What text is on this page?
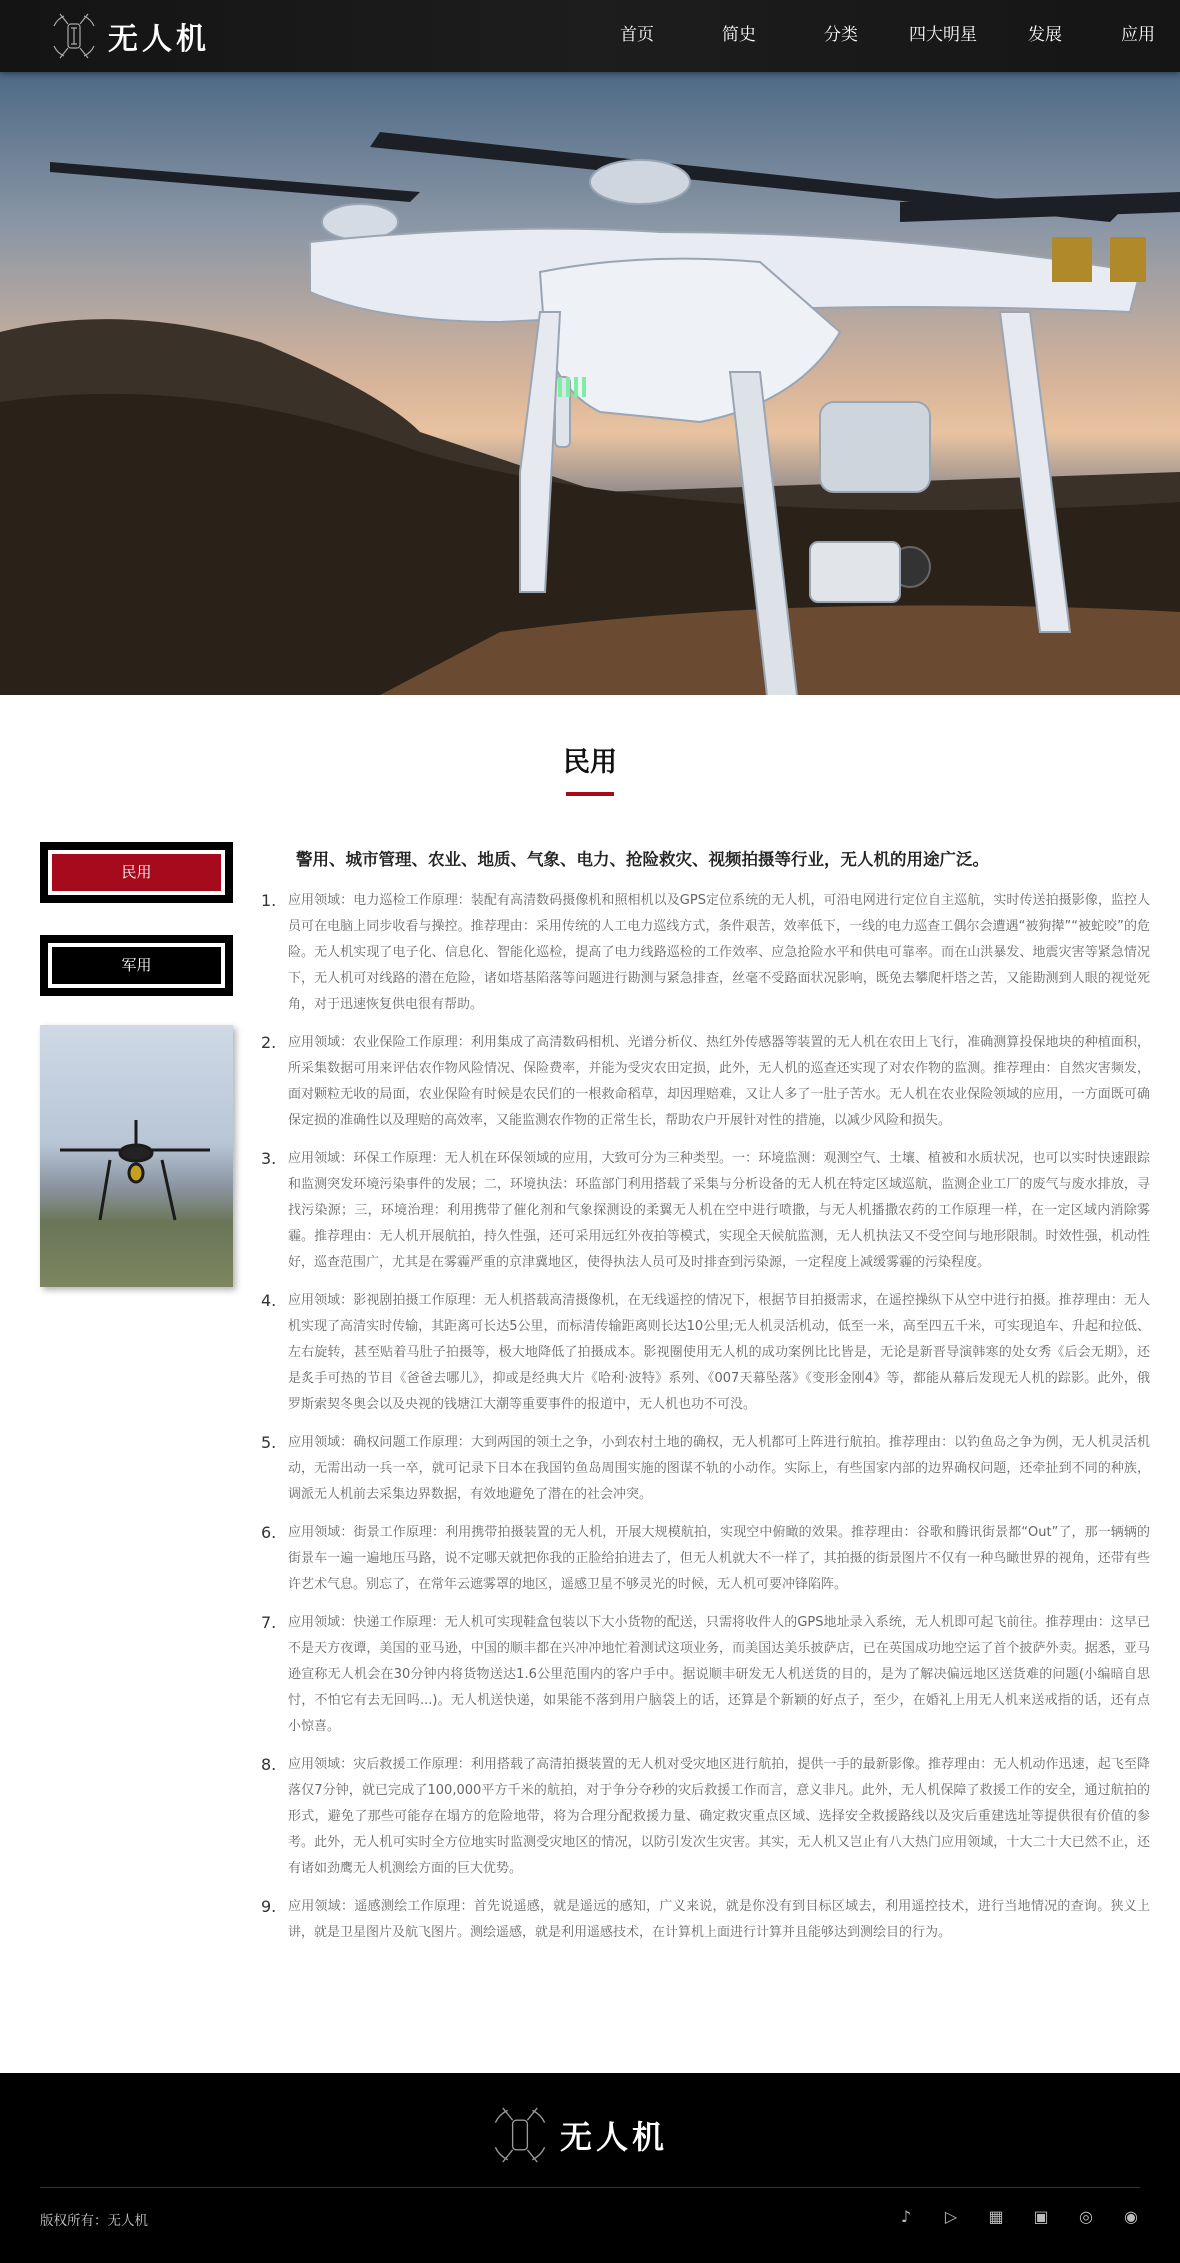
无人机	首页	简史	分类	四大明星	发展	应用
民用
民用
军用

警用、城市管理、农业、地质、气象、电力、抢险救灾、视频拍摄等行业，无人机的用途广泛。

1. 应用领域：电力巡检工作原理：装配有高清数码摄像机和照相机以及GPS定位系统的无人机，可沿电网进行定位自主巡航，实时传送拍摄影像，监控人员可在电脑上同步收看与操控。推荐理由：采用传统的人工电力巡线方式，条件艰苦，效率低下，一线的电力巡查工偶尔会遭遇“被狗撵”“被蛇咬”的危险。无人机实现了电子化、信息化、智能化巡检，提高了电力线路巡检的工作效率、应急抢险水平和供电可靠率。而在山洪暴发、地震灾害等紧急情况下，无人机可对线路的潜在危险，诸如塔基陷落等问题进行勘测与紧急排查，丝毫不受路面状况影响，既免去攀爬杆塔之苦，又能勘测到人眼的视觉死角，对于迅速恢复供电很有帮助。
2. 应用领域：农业保险工作原理：利用集成了高清数码相机、光谱分析仪、热红外传感器等装置的无人机在农田上飞行，准确测算投保地块的种植面积，所采集数据可用来评估农作物风险情况、保险费率，并能为受灾农田定损，此外，无人机的巡查还实现了对农作物的监测。推荐理由：自然灾害频发，面对颗粒无收的局面，农业保险有时候是农民们的一根救命稻草，却因理赔难，又让人多了一肚子苦水。无人机在农业保险领域的应用，一方面既可确保定损的准确性以及理赔的高效率，又能监测农作物的正常生长，帮助农户开展针对性的措施，以减少风险和损失。
3. 应用领域：环保工作原理：无人机在环保领域的应用，大致可分为三种类型。一：环境监测：观测空气、土壤、植被和水质状况，也可以实时快速跟踪和监测突发环境污染事件的发展；二，环境执法：环监部门利用搭载了采集与分析设备的无人机在特定区域巡航，监测企业工厂的废气与废水排放，寻找污染源；三，环境治理：利用携带了催化剂和气象探测设的柔翼无人机在空中进行喷撒，与无人机播撒农药的工作原理一样，在一定区域内消除雾霾。推荐理由：无人机开展航拍，持久性强，还可采用远红外夜拍等模式，实现全天候航监测，无人机执法又不受空间与地形限制。时效性强，机动性好，巡查范围广，尤其是在雾霾严重的京津冀地区，使得执法人员可及时排查到污染源，一定程度上减缓雾霾的污染程度。
4. 应用领域：影视剧拍摄工作原理：无人机搭载高清摄像机，在无线遥控的情况下，根据节目拍摄需求，在遥控操纵下从空中进行拍摄。推荐理由：无人机实现了高清实时传输，其距离可长达5公里，而标清传输距离则长达10公里;无人机灵活机动，低至一米，高至四五千米，可实现追车、升起和拉低、左右旋转，甚至贴着马肚子拍摄等，极大地降低了拍摄成本。影视圈使用无人机的成功案例比比皆是，无论是新晋导演韩寒的处女秀《后会无期》，还是炙手可热的节目《爸爸去哪儿》，抑或是经典大片《哈利·波特》系列、《007天幕坠落》《变形金刚4》等，都能从幕后发现无人机的踪影。此外，俄罗斯索契冬奥会以及央视的钱塘江大潮等重要事件的报道中，无人机也功不可没。
5. 应用领域：确权问题工作原理：大到两国的领土之争，小到农村土地的确权，无人机都可上阵进行航拍。推荐理由：以钓鱼岛之争为例，无人机灵活机动，无需出动一兵一卒，就可记录下日本在我国钓鱼岛周围实施的图谋不轨的小动作。实际上，有些国家内部的边界确权问题，还牵扯到不同的种族，调派无人机前去采集边界数据，有效地避免了潜在的社会冲突。
6. 应用领域：街景工作原理：利用携带拍摄装置的无人机，开展大规模航拍，实现空中俯瞰的效果。推荐理由：谷歌和腾讯街景都“Out”了，那一辆辆的街景车一遍一遍地压马路，说不定哪天就把你我的正脸给拍进去了，但无人机就大不一样了，其拍摄的街景图片不仅有一种鸟瞰世界的视角，还带有些许艺术气息。别忘了，在常年云遮雾罩的地区，遥感卫星不够灵光的时候，无人机可要冲锋陷阵。
7. 应用领域：快递工作原理：无人机可实现鞋盒包装以下大小货物的配送，只需将收件人的GPS地址录入系统，无人机即可起飞前往。推荐理由：这早已不是天方夜谭，美国的亚马逊，中国的顺丰都在兴冲冲地忙着测试这项业务，而美国达美乐披萨店，已在英国成功地空运了首个披萨外卖。据悉，亚马逊宣称无人机会在30分钟内将货物送达1.6公里范围内的客户手中。据说顺丰研发无人机送货的目的，是为了解决偏远地区送货难的问题(小编暗自思忖，不怕它有去无回吗...)。无人机送快递，如果能不落到用户脑袋上的话，还算是个新颖的好点子，至少，在婚礼上用无人机来送戒指的话，还有点小惊喜。
8. 应用领域：灾后救援工作原理：利用搭载了高清拍摄装置的无人机对受灾地区进行航拍，提供一手的最新影像。推荐理由：无人机动作迅速，起飞至降落仅7分钟，就已完成了100,000平方千米的航拍，对于争分夺秒的灾后救援工作而言，意义非凡。此外，无人机保障了救援工作的安全，通过航拍的形式，避免了那些可能存在塌方的危险地带，将为合理分配救援力量、确定救灾重点区域、选择安全救援路线以及灾后重建选址等提供很有价值的参考。此外，无人机可实时全方位地实时监测受灾地区的情况，以防引发次生灾害。其实，无人机又岂止有八大热门应用领域，十大二十大已然不止，还有诸如劲鹰无人机测绘方面的巨大优势。
9. 应用领域：遥感测绘工作原理：首先说遥感，就是遥远的感知，广义来说，就是你没有到目标区域去，利用遥控技术，进行当地情况的查询。狭义上讲，就是卫星图片及航飞图片。测绘遥感，就是利用遥感技术，在计算机上面进行计算并且能够达到测绘目的行为。
无人机
版权所有：无人机	♪ ▷ ▦ ▣ ◎ ◉
